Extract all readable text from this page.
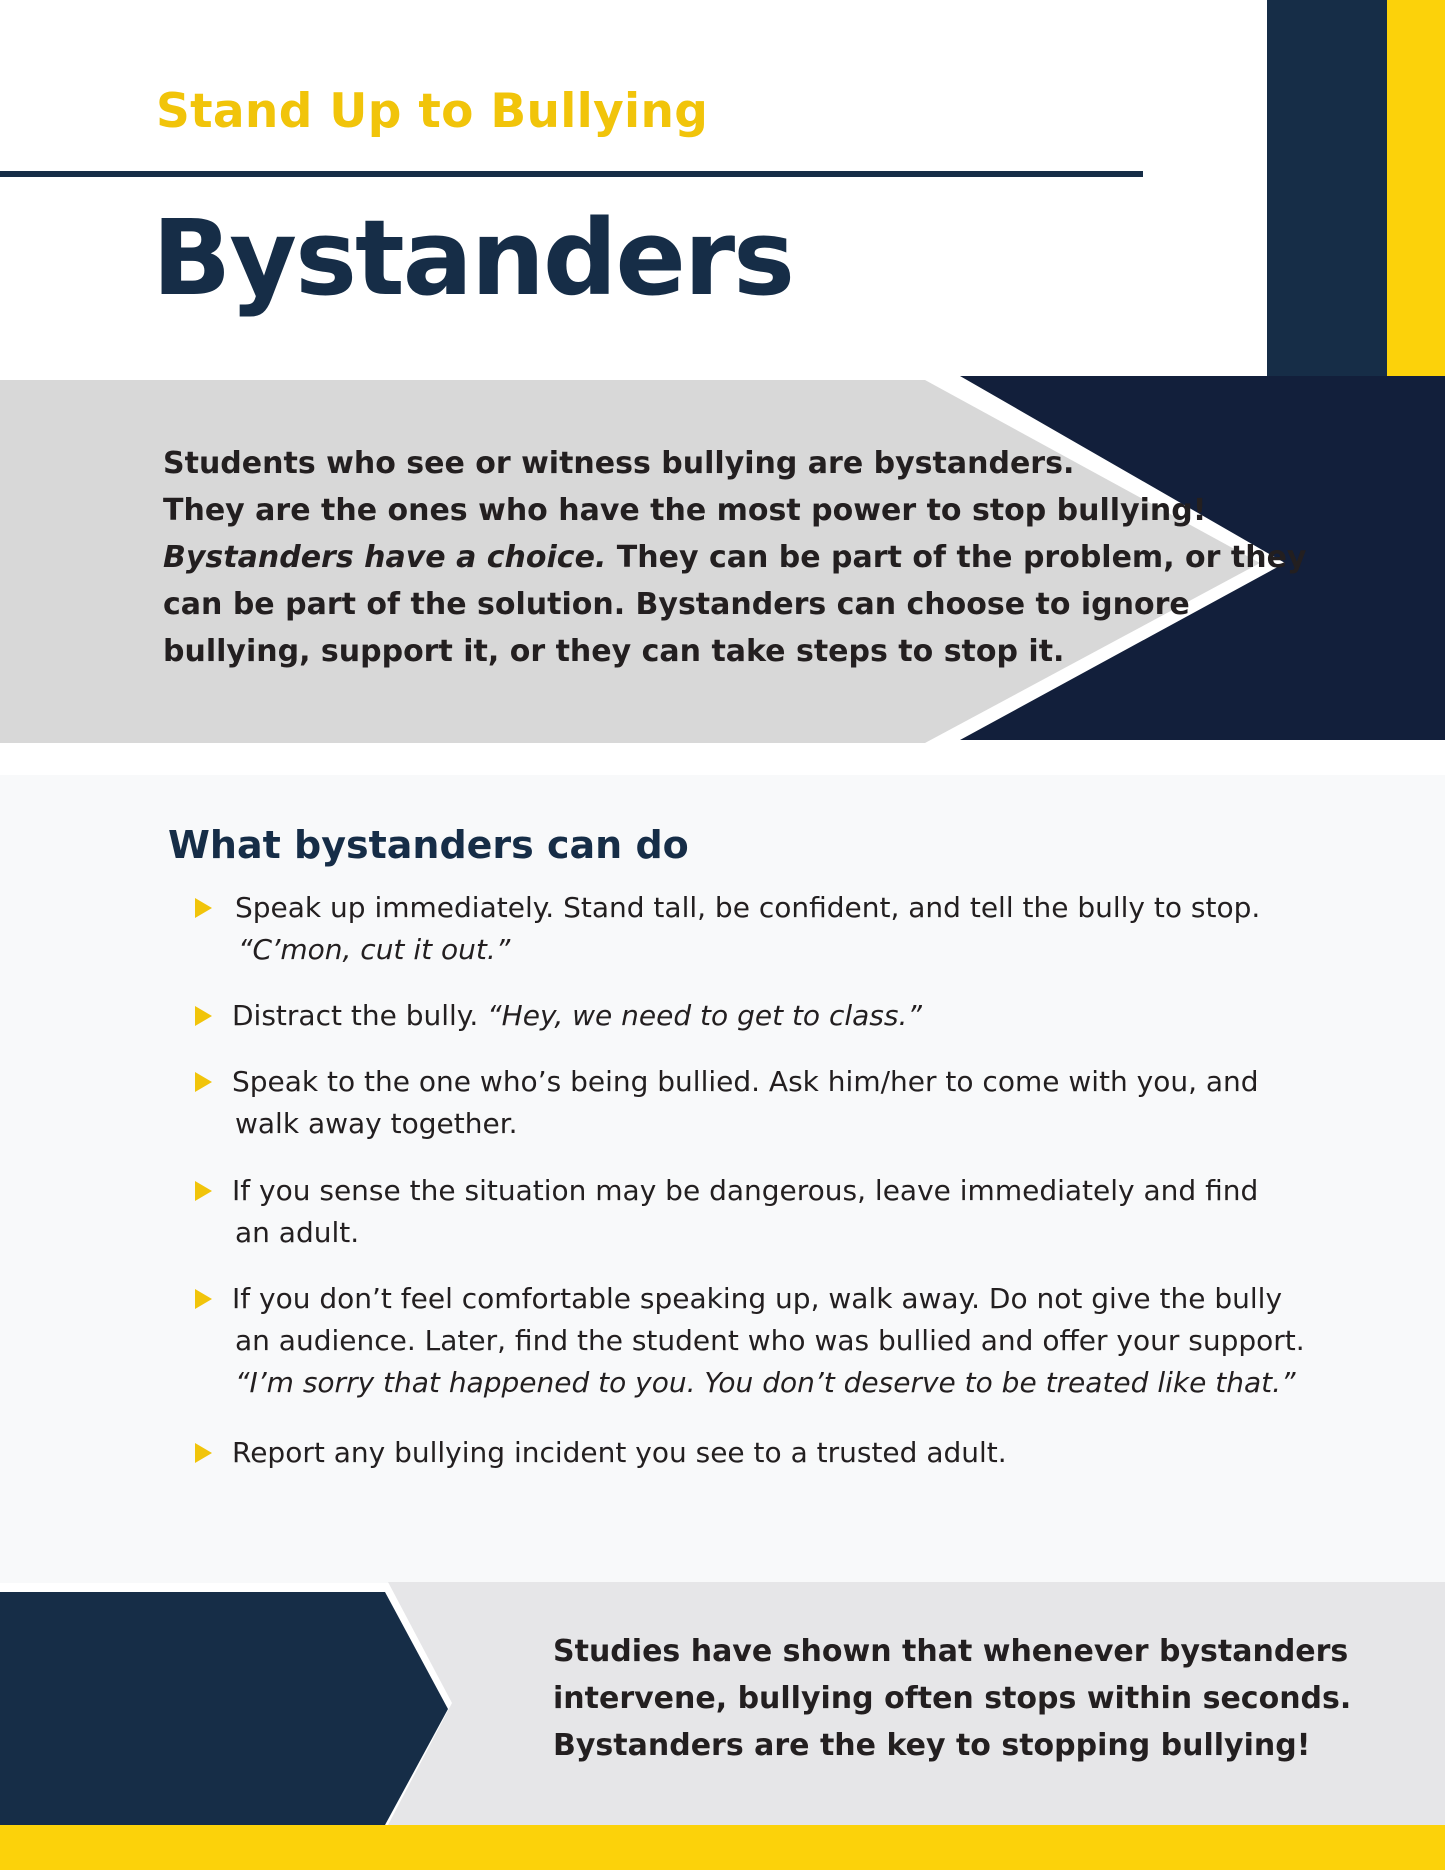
Stand Up to Bullying
Bystanders

Students who see or witness bullying are bystanders.

They are the ones who have the most power to stop bullying!

Bystanders have a choice. They can be part of the problem, or they

can be part of the solution. Bystanders can choose to ignore

bullying, support it, or they can take steps to stop it.

What bystanders can do
Speak up immediately. Stand tall, be confident, and tell the bully to stop.
“C’mon, cut it out.”
Distract the bully. “Hey, we need to get to class.”
Speak to the one who’s being bullied. Ask him/her to come with you, and
walk away together.
If you sense the situation may be dangerous, leave immediately and find
an adult.
If you don’t feel comfortable speaking up, walk away. Do not give the bully
an audience. Later, find the student who was bullied and offer your support.
“I’m sorry that happened to you. You don’t deserve to be treated like that.”
Report any bullying incident you see to a trusted adult.

Studies have shown that whenever bystanders

intervene, bullying often stops within seconds.

Bystanders are the key to stopping bullying!
